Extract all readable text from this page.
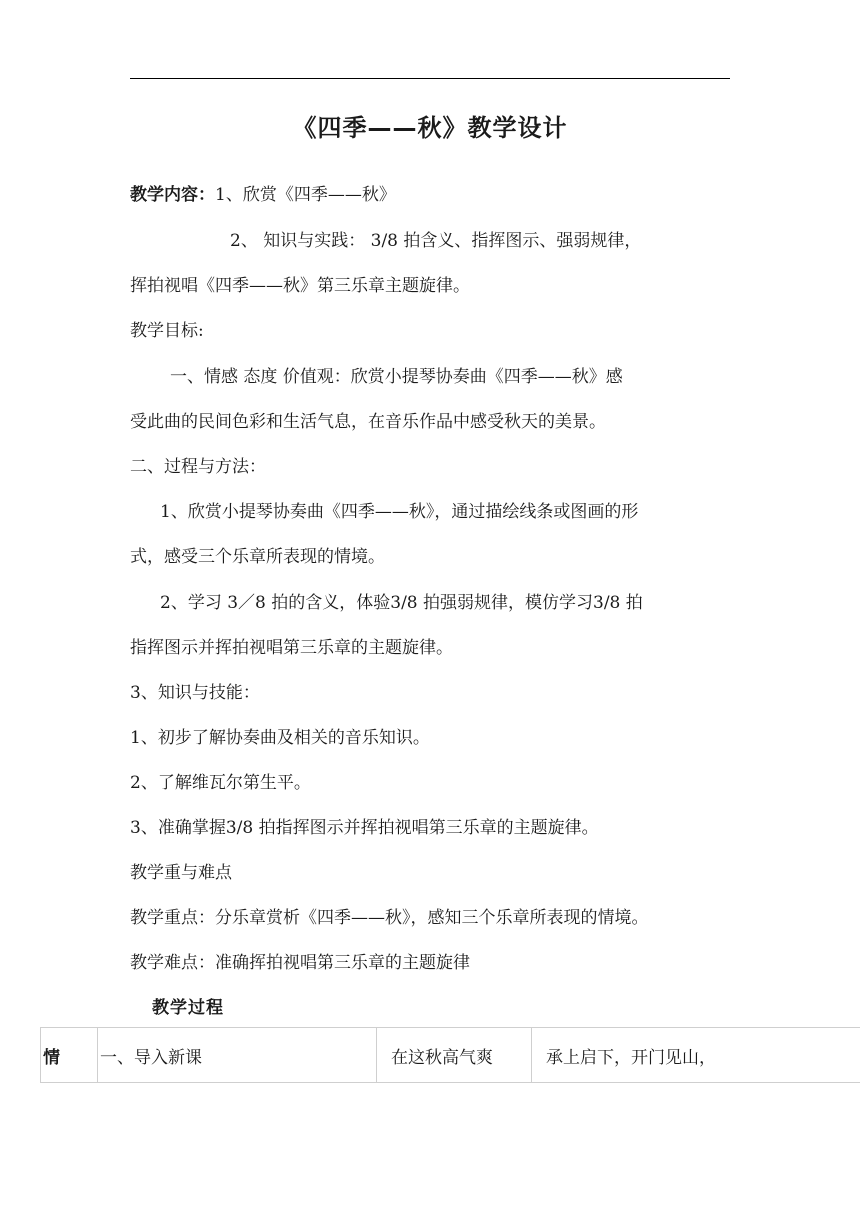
《四季——秋》教学设计
教学内容：1、欣赏《四季——秋》
2、 知识与实践： 3/8 拍含义、指挥图示、强弱规律，
挥拍视唱《四季——秋》第三乐章主题旋律。
教学目标:
一、情感 态度 价值观：欣赏小提琴协奏曲《四季——秋》感
受此曲的民间色彩和生活气息，在音乐作品中感受秋天的美景。
二、过程与方法：
1、欣赏小提琴协奏曲《四季——秋》，通过描绘线条或图画的形
式，感受三个乐章所表现的情境。
2、学习 3／8 拍的含义，体验3/8 拍强弱规律，模仿学习3/8 拍
指挥图示并挥拍视唱第三乐章的主题旋律。
3、知识与技能：
1、初步了解协奏曲及相关的音乐知识。
2、了解维瓦尔第生平。
3、准确掌握3/8 拍指挥图示并挥拍视唱第三乐章的主题旋律。
教学重与难点
教学重点：分乐章赏析《四季——秋》，感知三个乐章所表现的情境。
教学难点：准确挥拍视唱第三乐章的主题旋律
教学过程
情	一、导入新课	在这秋高气爽	承上启下，开门见山，
